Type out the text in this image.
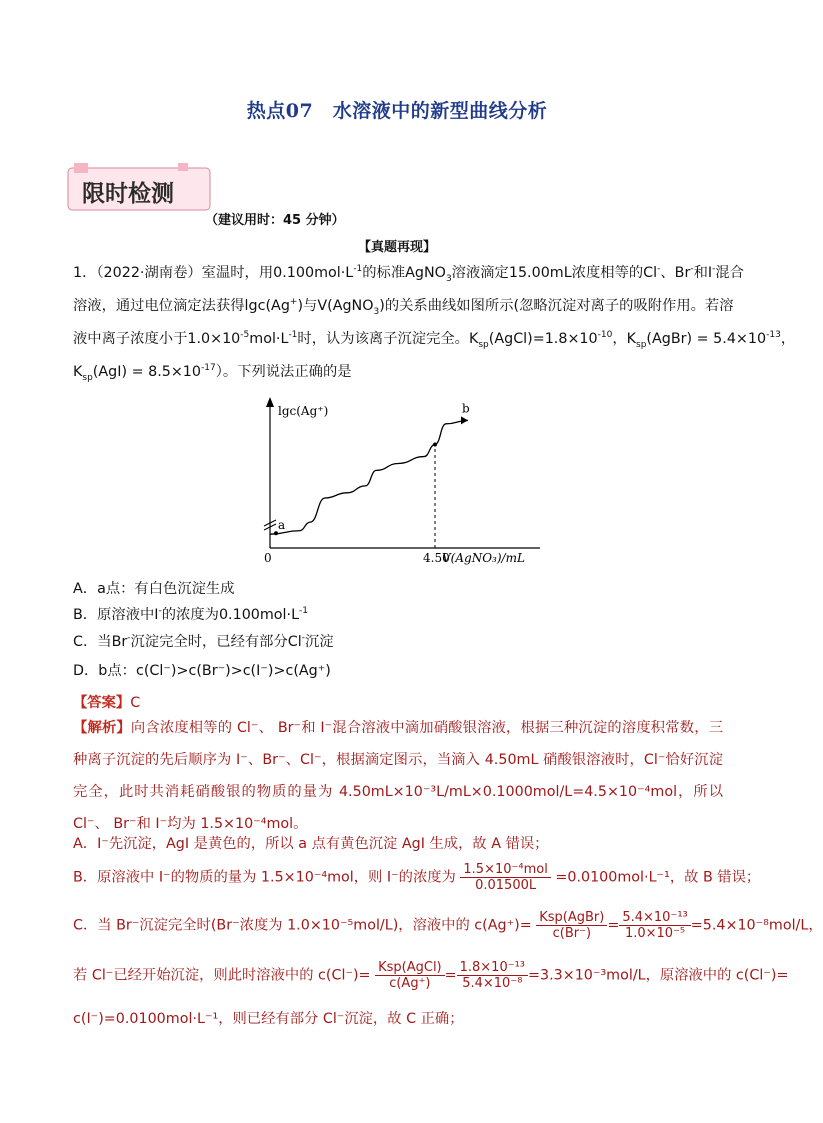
热点07　水溶液中的新型曲线分析
限时检测
（建议用时：45 分钟）
【真题再现】
1．（2022·湖南卷）室温时，用$0.100mol\cdot L^{-1}$的标准AgNO$_3$溶液滴定15.00mL浓度相等的Cl-、Br-和I-混合
溶液，通过电位滴定法获得lgc(Ag+)与V(AgNO$_3$)的关系曲线如图所示(忽略沉淀对离子的吸附作用。若溶
液中离子浓度小于$1.0\times 10^{-5}mol\cdot L^{-1}$时，认为该离子沉淀完全。$K_{sp}(AgCl)=1.8\times 10^{-10}$，$K_{sp}(AgBr) = 5.4\times 10^{-13}$，
$K_{sp}(AgI) = 8.5\times 10^{-17}$）。下列说法正确的是
lgc(Ag⁺)
0	4.50
V(AgNO₃)/mL
a
b
A．a点：有白色沉淀生成
B．原溶液中I-的浓度为$0.100mol\cdot L^{-1}$
C．当Br-沉淀完全时，已经有部分Cl-沉淀
D．b点：c(Cl⁻)>c(Br⁻)>c(I⁻)>c(Ag⁺)
【答案】C
【解析】向含浓度相等的 Cl⁻、 Br⁻和 I⁻混合溶液中滴加硝酸银溶液，根据三种沉淀的溶度积常数，三种离子沉淀的先后顺序为 I⁻、Br⁻、Cl⁻，根据滴定图示，当滴入 4.50mL 硝酸银溶液时，Cl⁻恰好沉淀完全，此时共消耗硝酸银的物质的量为 4.50mL×10⁻³L/mL×0.1000mol/L=4.5×10⁻⁴mol，所以 Cl⁻、 Br⁻和 I⁻均为 1.5×10⁻⁴mol。
A．I⁻先沉淀，AgI 是黄色的，所以 a 点有黄色沉淀 AgI 生成，故 A 错误；
B．原溶液中 I⁻的物质的量为 1.5×10⁻⁴mol，则 I⁻的浓度为 $\frac{\text{1.5×10⁻⁴mol}}{0.01500L} =0.0100mol\cdot L^{-1}$，故 B 错误；
C．当 Br⁻沉淀完全时(Br⁻浓度为 1.0×10⁻⁵mol/L)，溶液中的 $c(Ag^+)= \frac{\text{Ksp(AgBr)}}{c(Br^-)} = \frac{\text{5.4×10⁻¹³}}{\text{1.0×10⁻⁵}} =5.4\times 10^{-8}mol/L$，
若 Cl⁻已经开始沉淀，则此时溶液中的 $c(Cl^-)= \frac{\text{Ksp(AgCl)}}{c(Ag^+)} = \frac{\text{1.8×10⁻¹³}}{\text{5.4×10⁻⁸}} =3.3\times 10^{-3}mol/L$，原溶液中的 c(Cl⁻)=
c(I⁻)=0.0100mol·L⁻¹，则已经有部分 Cl⁻沉淀，故 C 正确；
